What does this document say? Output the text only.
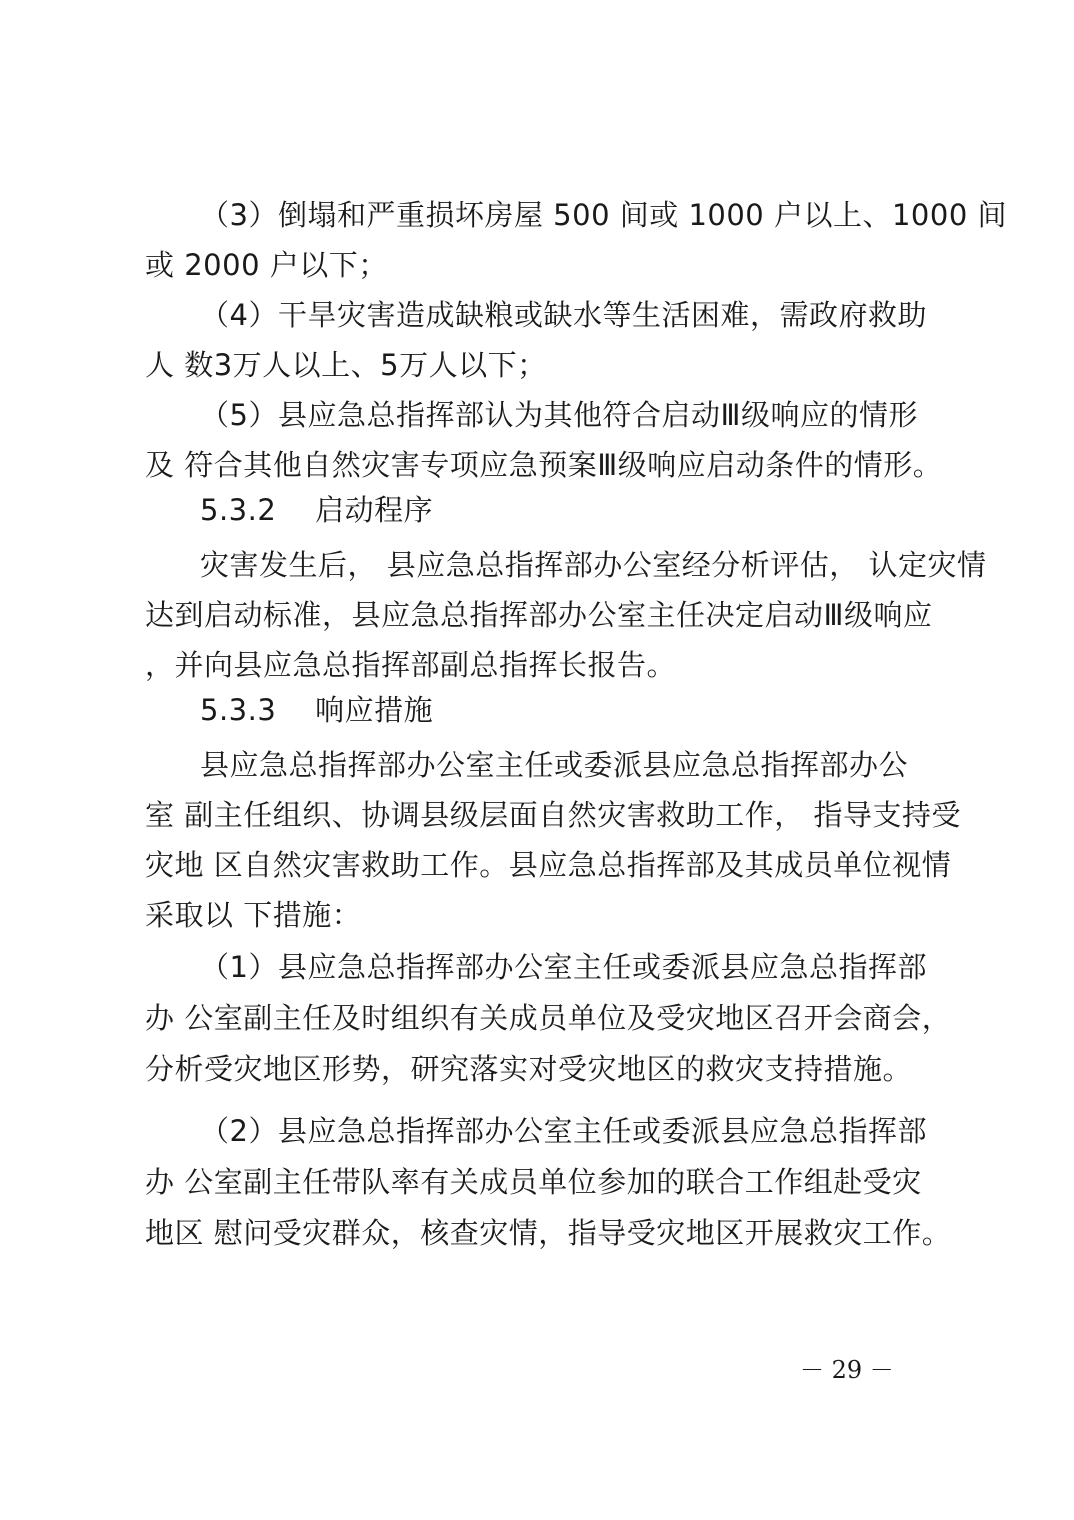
（3）倒塌和严重损坏房屋 500 间或 1000 户以上、1000 间
或 2000 户以下；
（4）干旱灾害造成缺粮或缺水等生活困难，需政府救助
人 数3万人以上、5万人以下；
（5）县应急总指挥部认为其他符合启动Ⅲ级响应的情形
及 符合其他自然灾害专项应急预案Ⅲ级响应启动条件的情形。
5.3.2    启动程序
灾害发生后， 县应急总指挥部办公室经分析评估， 认定灾情
达到启动标准，县应急总指挥部办公室主任决定启动Ⅲ级响应
，并向县应急总指挥部副总指挥长报告。
5.3.3    响应措施
县应急总指挥部办公室主任或委派县应急总指挥部办公
室 副主任组织、协调县级层面自然灾害救助工作， 指导支持受
灾地 区自然灾害救助工作。县应急总指挥部及其成员单位视情
采取以 下措施：
（1）县应急总指挥部办公室主任或委派县应急总指挥部
办 公室副主任及时组织有关成员单位及受灾地区召开会商会，
分析受灾地区形势，研究落实对受灾地区的救灾支持措施。
（2）县应急总指挥部办公室主任或委派县应急总指挥部
办 公室副主任带队率有关成员单位参加的联合工作组赴受灾
地区 慰问受灾群众，核查灾情，指导受灾地区开展救灾工作。
－ 29 －
